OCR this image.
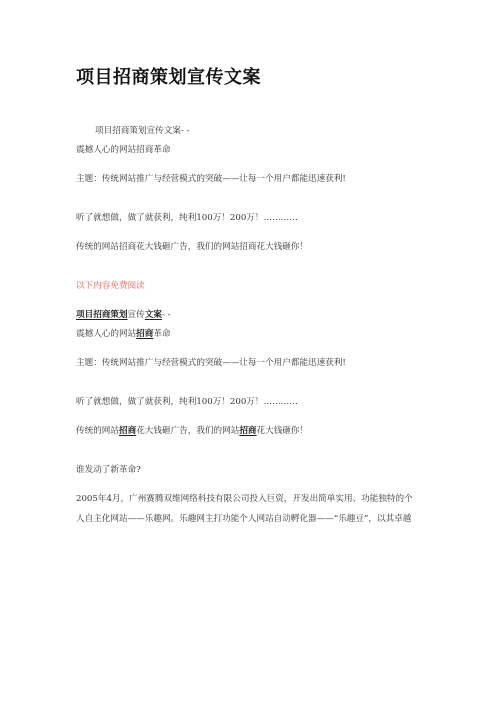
项目招商策划宣传文案
项目招商策划宣传文案- -
震撼人心的网站招商革命
主题：传统网站推广与经营模式的突破——让每一个用户都能迅速获利!
听了就想做，做了就获利，纯利100万！200万！…………
传统的网站招商花大钱砸广告，我们的网站招商花大钱砸你！
以下内容免费阅读
项目招商策划宣传文案- -
震撼人心的网站招商革命
主题：传统网站推广与经营模式的突破——让每一个用户都能迅速获利!
听了就想做，做了就获利，纯利100万！200万！…………
传统的网站招商花大钱砸广告，我们的网站招商花大钱砸你！
谁发动了新革命?
2005年4月，广州赛腾双维网络科技有限公司投入巨资，开发出简单实用、功能独特的个
人自主化网站——乐趣网。乐趣网主打功能个人网站自动孵化器——“乐趣豆”，以其卓越
